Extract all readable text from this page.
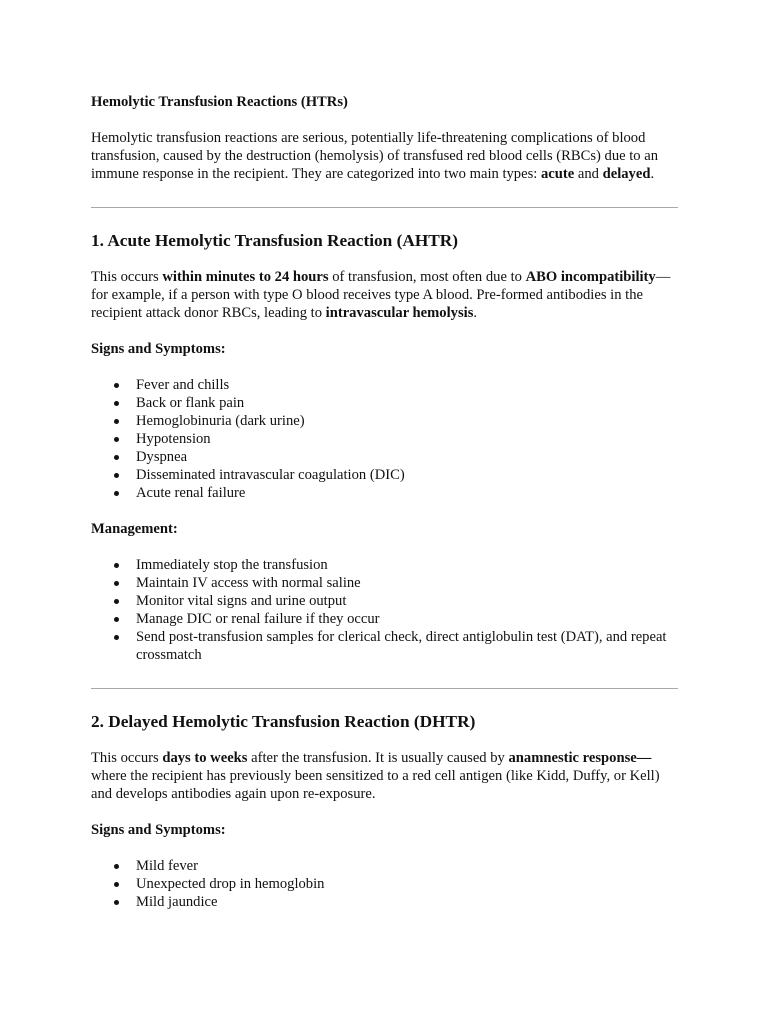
Hemolytic Transfusion Reactions (HTRs)

Hemolytic transfusion reactions are serious, potentially life-threatening complications of blood transfusion, caused by the destruction (hemolysis) of transfused red blood cells (RBCs) due to an immune response in the recipient. They are categorized into two main types: acute and delayed.

1. Acute Hemolytic Transfusion Reaction (AHTR)

This occurs within minutes to 24 hours of transfusion, most often due to ABO incompatibility—for example, if a person with type O blood receives type A blood. Pre-formed antibodies in the recipient attack donor RBCs, leading to intravascular hemolysis.

Signs and Symptoms:
Fever and chills
Back or flank pain
Hemoglobinuria (dark urine)
Hypotension
Dyspnea
Disseminated intravascular coagulation (DIC)
Acute renal failure
Management:
Immediately stop the transfusion
Maintain IV access with normal saline
Monitor vital signs and urine output
Manage DIC or renal failure if they occur
Send post-transfusion samples for clerical check, direct antiglobulin test (DAT), and repeat crossmatch
2. Delayed Hemolytic Transfusion Reaction (DHTR)

This occurs days to weeks after the transfusion. It is usually caused by anamnestic response— where the recipient has previously been sensitized to a red cell antigen (like Kidd, Duffy, or Kell) and develops antibodies again upon re-exposure.

Signs and Symptoms:
Mild fever
Unexpected drop in hemoglobin
Mild jaundice
